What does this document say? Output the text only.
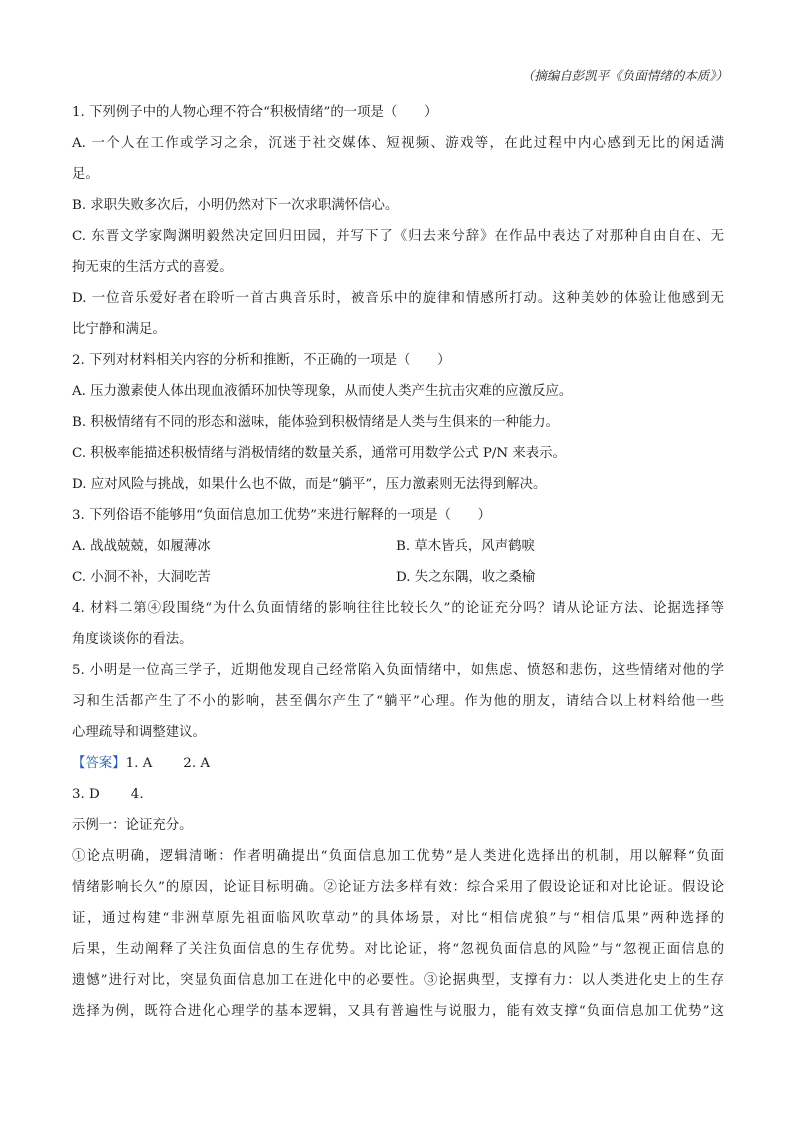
（摘编自彭凯平《负面情绪的本质》）
1. 下列例子中的人物心理不符合“积极情绪”的一项是（　　）
A. 一个人在工作或学习之余，沉迷于社交媒体、短视频、游戏等，在此过程中内心感到无比的闲适满
足。
B. 求职失败多次后，小明仍然对下一次求职满怀信心。
C. 东晋文学家陶渊明毅然决定回归田园，并写下了《归去来兮辞》在作品中表达了对那种自由自在、无
拘无束的生活方式的喜爱。
D. 一位音乐爱好者在聆听一首古典音乐时，被音乐中的旋律和情感所打动。这种美妙的体验让他感到无
比宁静和满足。
2. 下列对材料相关内容的分析和推断，不正确的一项是（　　）
A. 压力激素使人体出现血液循环加快等现象，从而使人类产生抗击灾难的应激反应。
B. 积极情绪有不同的形态和滋味，能体验到积极情绪是人类与生俱来的一种能力。
C. 积极率能描述积极情绪与消极情绪的数量关系，通常可用数学公式 P/N 来表示。
D. 应对风险与挑战，如果什么也不做，而是“躺平”，压力激素则无法得到解决。
3. 下列俗语不能够用“负面信息加工优势”来进行解释的一项是（　　）
A. 战战兢兢，如履薄冰	B. 草木皆兵，风声鹤唳
C. 小洞不补，大洞吃苦	D. 失之东隅，收之桑榆
4. 材料二第④段围绕“为什么负面情绪的影响往往比较长久”的论证充分吗？请从论证方法、论据选择等
角度谈谈你的看法。
5. 小明是一位高三学子，近期他发现自己经常陷入负面情绪中，如焦虑、愤怒和悲伤，这些情绪对他的学
习和生活都产生了不小的影响，甚至偶尔产生了“躺平”心理。作为他的朋友，请结合以上材料给他一些
心理疏导和调整建议。
【答案】1. A　　 2. A
3. D　　 4.
示例一：论证充分。
①论点明确，逻辑清晰：作者明确提出“负面信息加工优势”是人类进化选择出的机制，用以解释“负面
情绪影响长久”的原因，论证目标明确。②论证方法多样有效：综合采用了假设论证和对比论证。假设论
证，通过构建“非洲草原先祖面临风吹草动”的具体场景，对比“相信虎狼”与“相信瓜果”两种选择的
后果，生动阐释了关注负面信息的生存优势。对比论证，将“忽视负面信息的风险”与“忽视正面信息的
遗憾”进行对比，突显负面信息加工在进化中的必要性。③论据典型，支撑有力：以人类进化史上的生存
选择为例，既符合进化心理学的基本逻辑，又具有普遍性与说服力，能有效支撑“负面信息加工优势”这
